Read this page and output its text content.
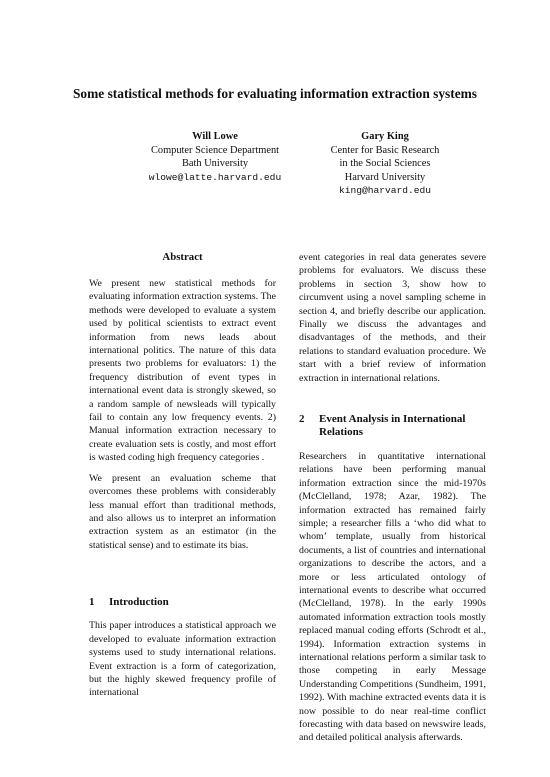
Some statistical methods for evaluating information extraction systems
Will Lowe
Computer Science Department
Bath University
wlowe@latte.harvard.edu
Gary King
Center for Basic Research
in the Social Sciences
Harvard University
king@harvard.edu
Abstract

We present new statistical methods for evaluating information extraction systems. The methods were developed to evaluate a system used by political scientists to extract event information from news leads about international politics. The nature of this data presents two problems for evaluators: 1) the frequency distribution of event types in international event data is strongly skewed, so a random sample of newsleads will typically fail to contain any low frequency events. 2) Manual information extraction necessary to create evaluation sets is costly, and most effort is wasted coding high frequency categories .

We present an evaluation scheme that overcomes these problems with considerably less manual effort than traditional methods, and also allows us to interpret an information extraction system as an estimator (in the statistical sense) and to estimate its bias.

1 Introduction

This paper introduces a statistical approach we developed to evaluate information extraction systems used to study international relations. Event extraction is a form of categorization, but the highly skewed frequency profile of international

event categories in real data generates severe problems for evaluators. We discuss these problems in section 3, show how to circumvent using a novel sampling scheme in section 4, and briefly describe our application. Finally we discuss the advantages and disadvantages of the methods, and their relations to standard evaluation procedure. We start with a brief review of information extraction in international relations.

2	Event Analysis in International Relations

Researchers in quantitative international relations have been performing manual information extraction since the mid-1970s (McClelland, 1978; Azar, 1982). The information extracted has remained fairly simple; a researcher fills a ‘who did what to whom’ template, usually from historical documents, a list of countries and international organizations to describe the actors, and a more or less articulated ontology of international events to describe what occurred (McClelland, 1978). In the early 1990s automated information extraction tools mostly replaced manual coding efforts (Schrodt et al., 1994). Information extraction systems in international relations perform a similar task to those competing in early Message Understanding Competitions (Sundheim, 1991, 1992). With machine extracted events data it is now possible to do near real-time conflict forecasting with data based on newswire leads, and detailed political analysis afterwards.
